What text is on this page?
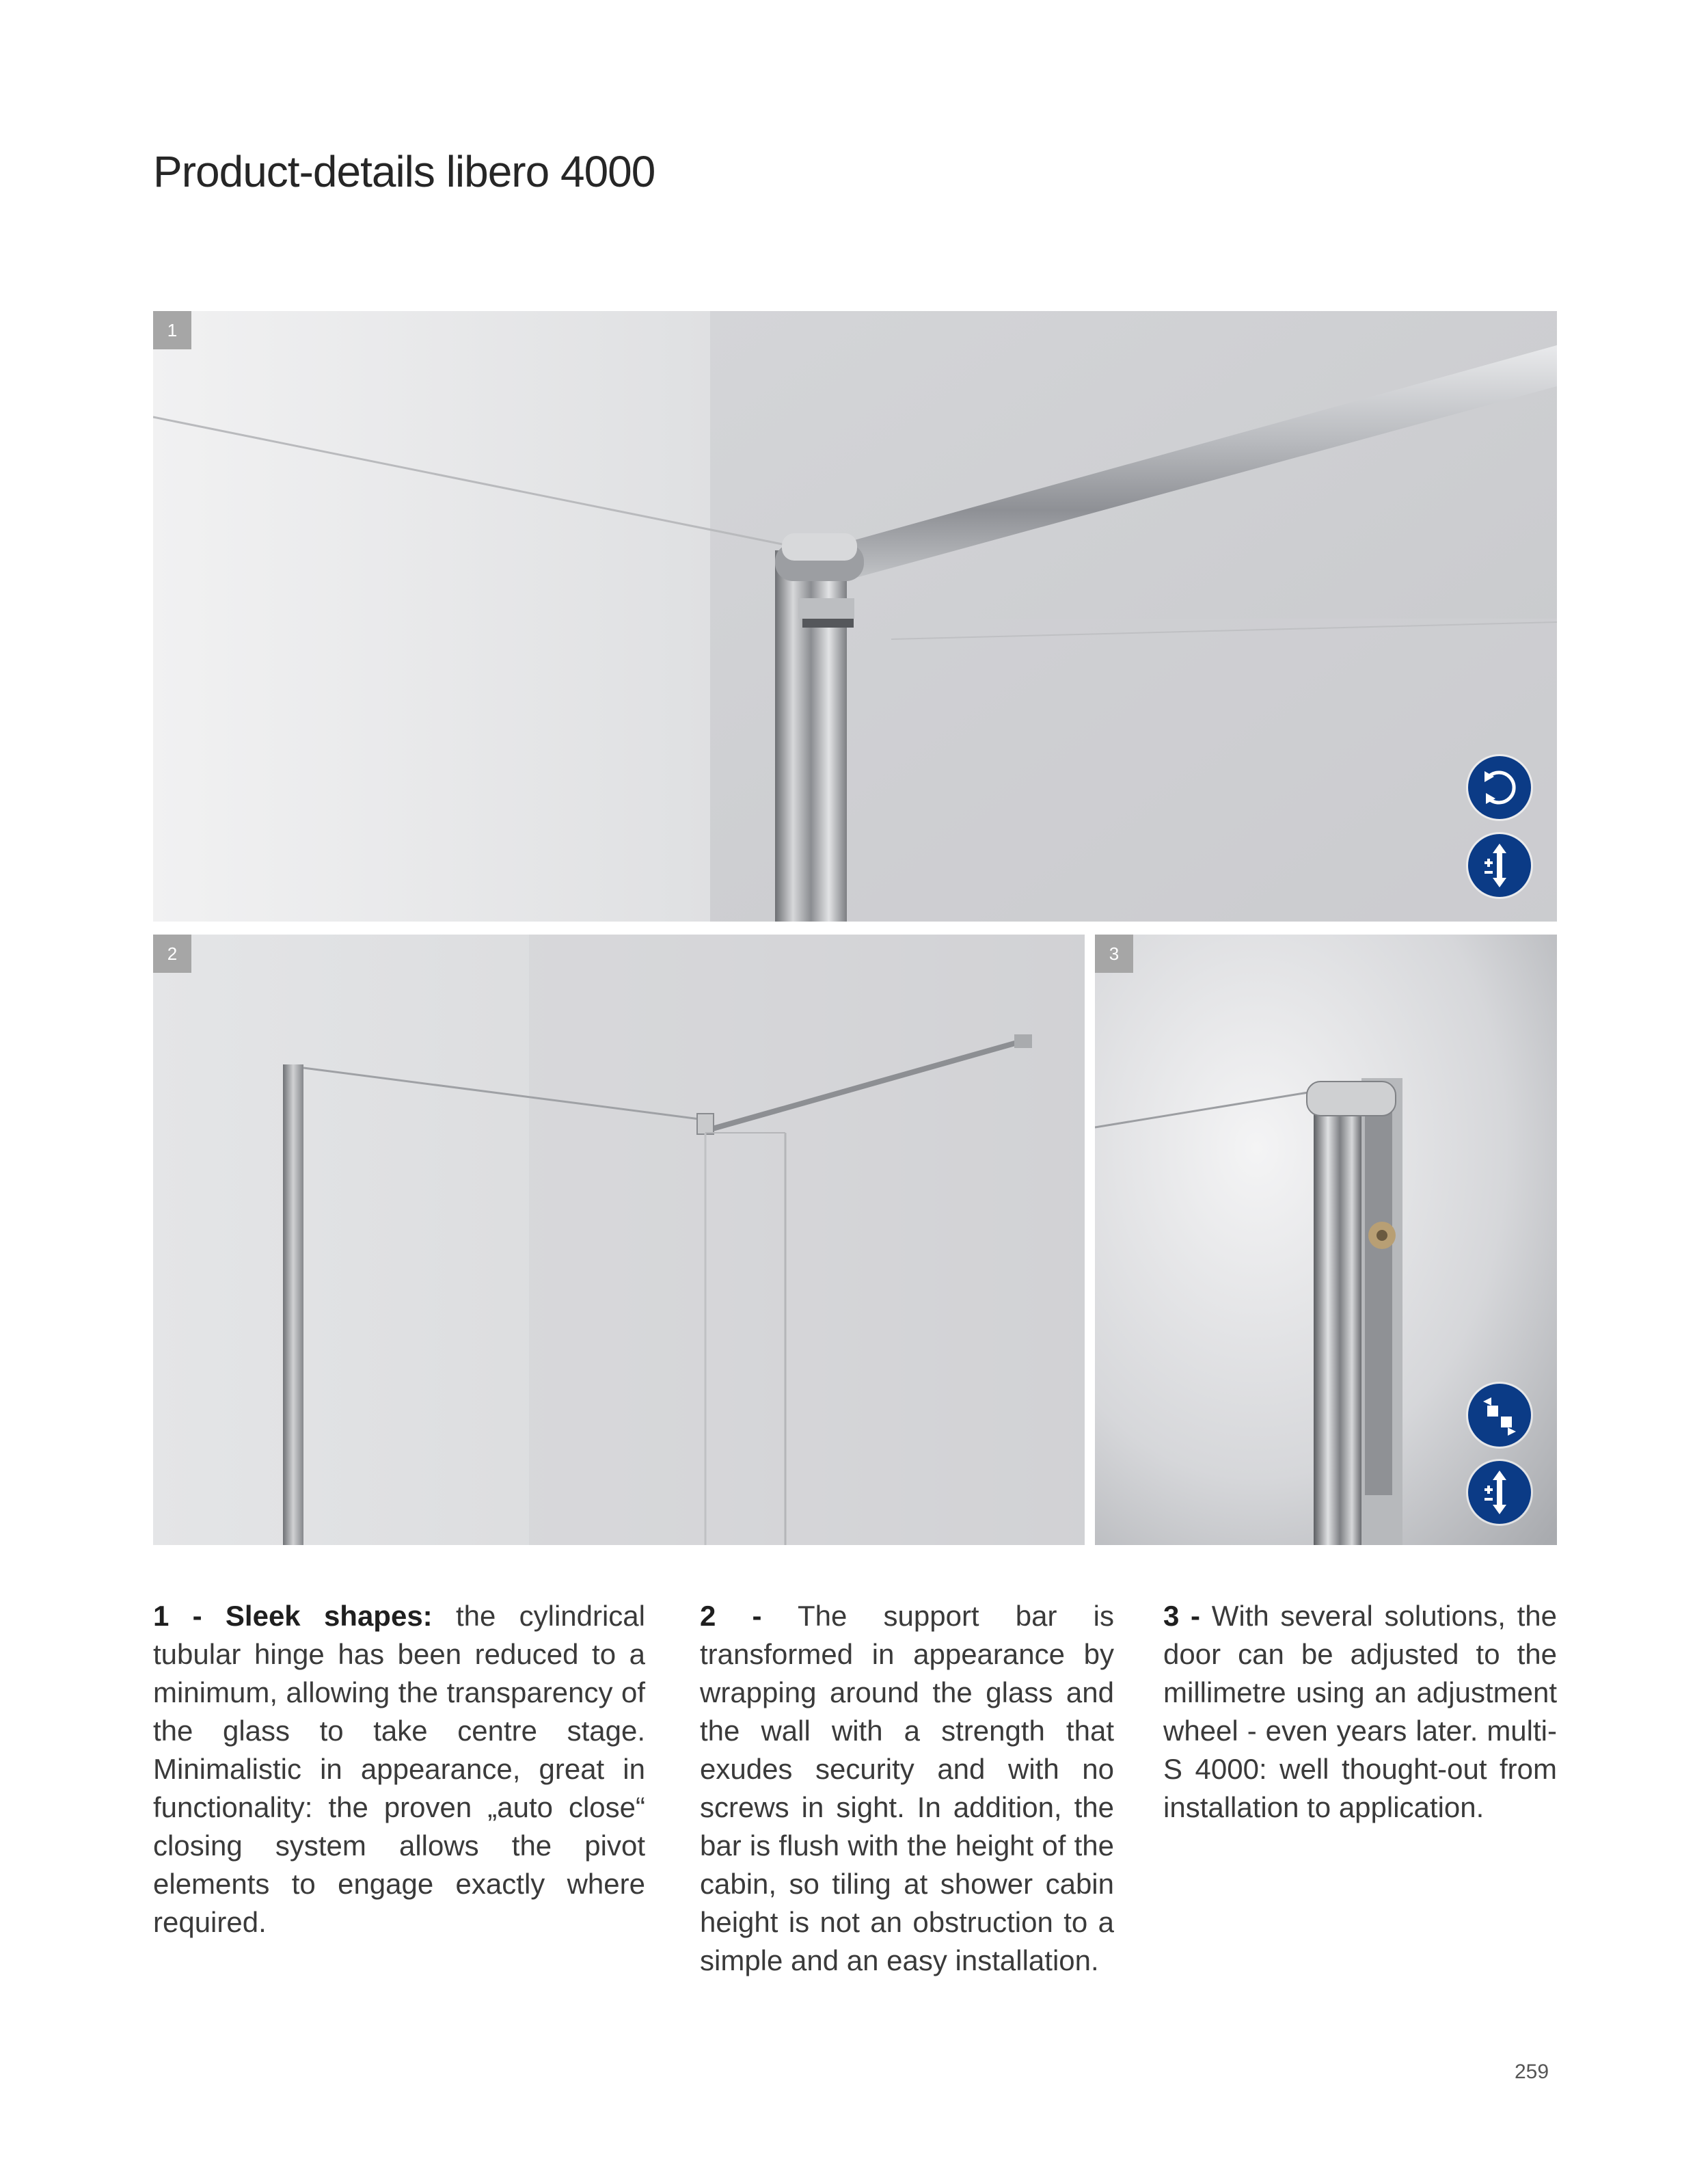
Product-details libero 4000
1
2	3
1 - Sleek shapes: the cylindrical tubular hinge has been reduced to a minimum, allowing the transparency of the glass to take centre stage. Minimalistic in appearance, great in functionality: the proven „auto close“ closing system allows the pivot elements to engage exactly where required.
2 - The support bar is transformed in appearance by wrapping around the glass and the wall with a strength that exudes security and with no screws in sight. In addition, the bar is flush with the height of the cabin, so tiling at shower cabin height is not an obstruction to a simple and an easy installation.
3 - With several solutions, the door can be adjusted to the millimetre using an adjustment wheel - even years later. multi-S 4000: well thought-out from installation to application.
259
